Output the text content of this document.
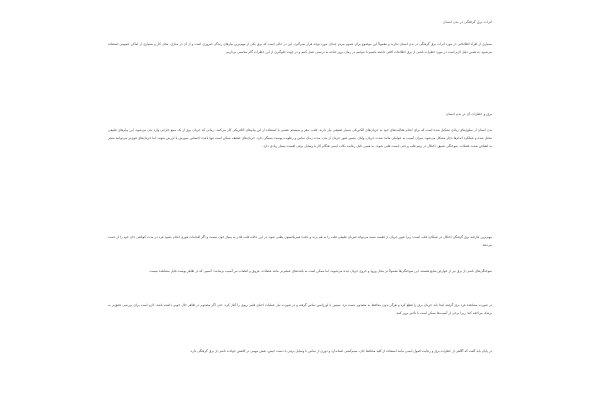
اثرات برق گرفتگی در بدن انسان

بسیاری از افراد اطلاعاتی در مورد اثرات برق گرفتگی در بدن انسان ندارند و معمولاً این موضوع برای عموم مردم چندان مورد توجه قرار نمی‌گیرد. این در حالی است که برق یکی از مهم‌ترین نیازهای زندگی امروزی است و از آن در منازل، محل کار و بسیاری از اماکن عمومی استفاده می‌شود. به همین دلیل لازم است در مورد خطرات ناشی از برق اطلاعات کافی داشته باشیم تا بتوانیم در زمان بروز حادثه به درستی عمل کنیم و در جهت جلوگیری از این خطرات گام مناسبی برداریم.

برق و خطرات آن در بدن انسان

بدن انسان از سلول‌های زیادی تشکیل شده است که برای انجام فعالیت‌های خود به جریان‌های الکتریکی بسیار ضعیفی نیاز دارند. قلب، مغز و سیستم عصبی با استفاده از این پیام‌های الکتریکی کار می‌کنند. زمانی که جریان برق از یک منبع خارجی وارد بدن می‌شود، این پیام‌های طبیعی مختل شده و عملکرد اندام‌ها دچار مشکل می‌شود. میزان آسیب به عواملی مانند شدت جریان، ولتاژ، مسیر عبور جریان از بدن، مدت زمان تماس و رطوبت پوست بستگی دارد. جریان‌های ضعیف ممکن است تنها باعث احساس سوزش یا لرزش شوند، اما جریان‌های قوی‌تر می‌توانند منجر به انقباض شدید عضلات، سوختگی عمیق، اختلال در ریتم قلب و حتی ایست قلبی شوند. به همین دلیل رعایت نکات ایمنی هنگام کار با وسایل برقی اهمیت بسیار زیادی دارد.

مهم‌ترین عارضه برق گرفتگی اختلال در عملکرد قلب است؛ زیرا عبور جریان از قفسه سینه می‌تواند ضربان طبیعی قلب را به هم بزند و باعث فیبریلاسیون بطنی شود. در این حالت قلب قادر به پمپاژ خون نیست و اگر اقدامات فوری انجام نشود فرد در مدت کوتاهی جان خود را از دست می‌دهد.

سوختگی‌های ناشی از برق نیز از عوارض شایع هستند. این سوختگی‌ها معمولاً در محل ورود و خروج جریان دیده می‌شوند، اما ممکن است به بافت‌های عمقی‌تر مانند عضلات، عروق و اعصاب نیز آسیب برسانند؛ آسیبی که در ظاهر پوست قابل مشاهده نیست.

در صورت مشاهده فرد برق گرفته ابتدا باید جریان برق را قطع کرد و هرگز بدون محافظ به مصدوم دست نزد. سپس با اورژانس تماس گرفته و در صورت نیاز عملیات احیای قلبی ریوی را آغاز کرد. حتی اگر مصدوم در ظاهر حال خوبی داشته باشد، لازم است برای بررسی دقیق‌تر به پزشک مراجعه کند؛ زیرا برخی از آسیب‌ها ممکن است با تأخیر بروز کنند.

در پایان باید گفت که آگاهی از خطرات برق و رعایت اصول ایمنی مانند استفاده از کلید محافظ جان، سیم‌کشی استاندارد و دوری از تماس با وسایل برقی با دست خیس، نقش مهمی در کاهش حوادث ناشی از برق گرفتگی دارد.
